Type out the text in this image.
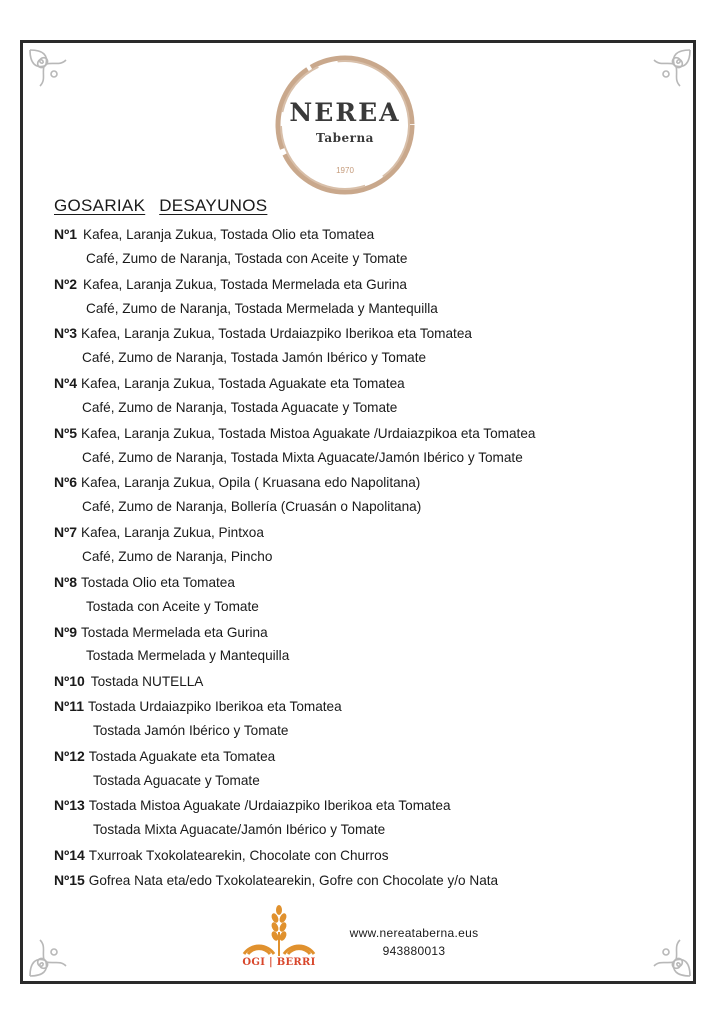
NEREA
Taberna
1970
GOSARIAK DESAYUNOS
Nº1 Kafea, Laranja Zukua, Tostada Olio eta Tomatea
Café, Zumo de Naranja, Tostada con Aceite y Tomate
Nº2 Kafea, Laranja Zukua, Tostada Mermelada eta Gurina
Café, Zumo de Naranja, Tostada Mermelada y Mantequilla
Nº3 Kafea, Laranja Zukua, Tostada Urdaiazpiko Iberikoa eta Tomatea
Café, Zumo de Naranja, Tostada Jamón Ibérico y Tomate
Nº4 Kafea, Laranja Zukua, Tostada Aguakate eta Tomatea
Café, Zumo de Naranja, Tostada Aguacate y Tomate
Nº5 Kafea, Laranja Zukua, Tostada Mistoa Aguakate /Urdaiazpikoa eta Tomatea
Café, Zumo de Naranja, Tostada Mixta Aguacate/Jamón Ibérico y Tomate
Nº6 Kafea, Laranja Zukua, Opila ( Kruasana edo Napolitana)
Café, Zumo de Naranja, Bollería (Cruasán o Napolitana)
Nº7 Kafea, Laranja Zukua, Pintxoa
Café, Zumo de Naranja, Pincho
Nº8 Tostada Olio eta Tomatea
Tostada con Aceite y Tomate
Nº9 Tostada Mermelada eta Gurina
Tostada Mermelada y Mantequilla
Nº10 Tostada NUTELLA
Nº11 Tostada Urdaiazpiko Iberikoa eta Tomatea
Tostada Jamón Ibérico y Tomate
Nº12 Tostada Aguakate eta Tomatea
Tostada Aguacate y Tomate
Nº13 Tostada Mistoa Aguakate /Urdaiazpiko Iberikoa eta Tomatea
Tostada Mixta Aguacate/Jamón Ibérico y Tomate
Nº14 Txurroak Txokolatearekin, Chocolate con Churros
Nº15 Gofrea Nata eta/edo Txokolatearekin, Gofre con Chocolate y/o Nata
OGI | BERRI
www.nereataberna.eus
943880013
